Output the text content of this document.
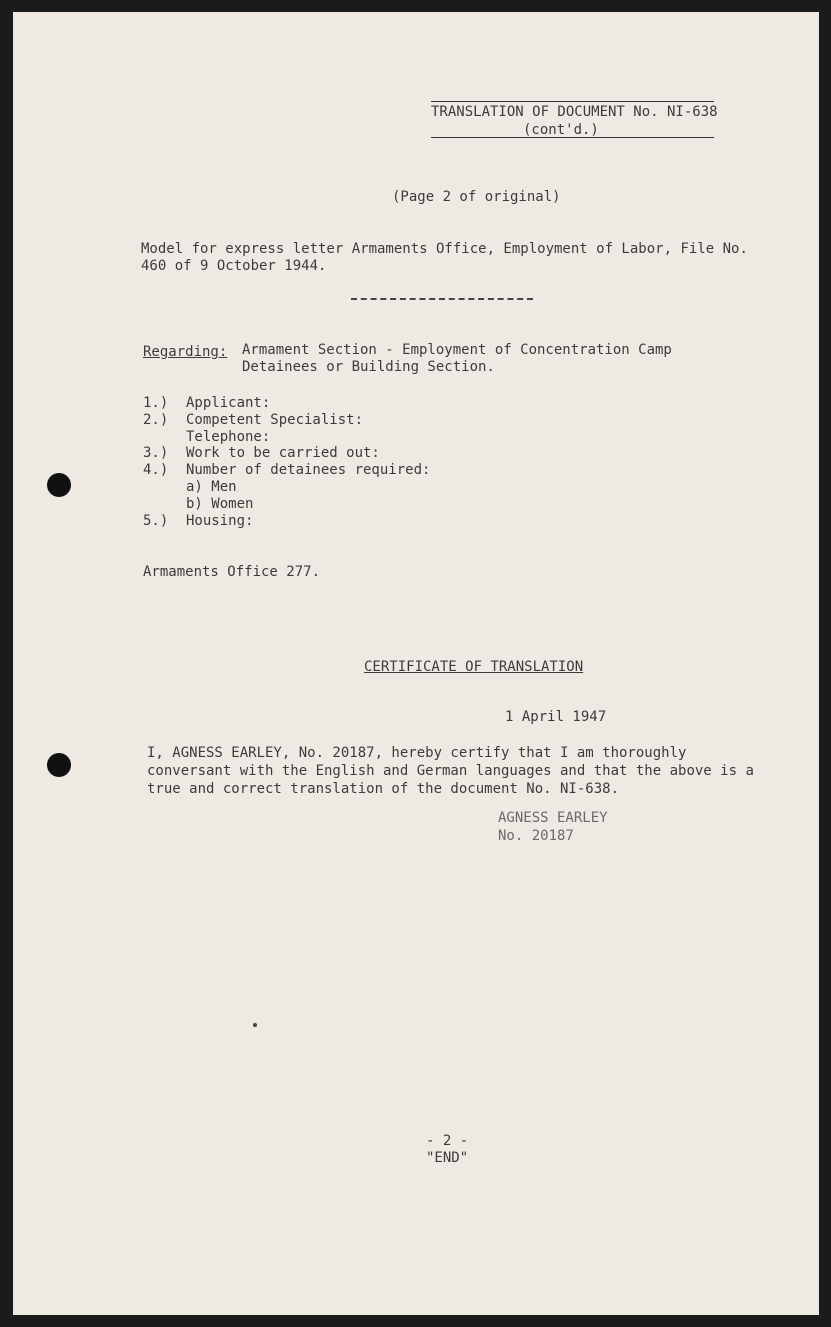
TRANSLATION OF DOCUMENT No. NI-638
(cont'd.)
(Page 2 of original)
Model for express letter Armaments Office, Employment of Labor, File No.
460 of 9 October 1944.
Regarding: Armament Section - Employment of Concentration Camp
Detainees or Building Section.
1.) Applicant:
2.) Competent Specialist:
Telephone:
3.) Work to be carried out:
4.) Number of detainees required:
a) Men
b) Women
5.) Housing:
Armaments Office 277.
CERTIFICATE OF TRANSLATION
1 April 1947
I, AGNESS EARLEY, No. 20187, hereby certify that I am thoroughly
conversant with the English and German languages and that the above is a
true and correct translation of the document No. NI-638.
AGNESS EARLEY
No. 20187
- 2 -
"END"
